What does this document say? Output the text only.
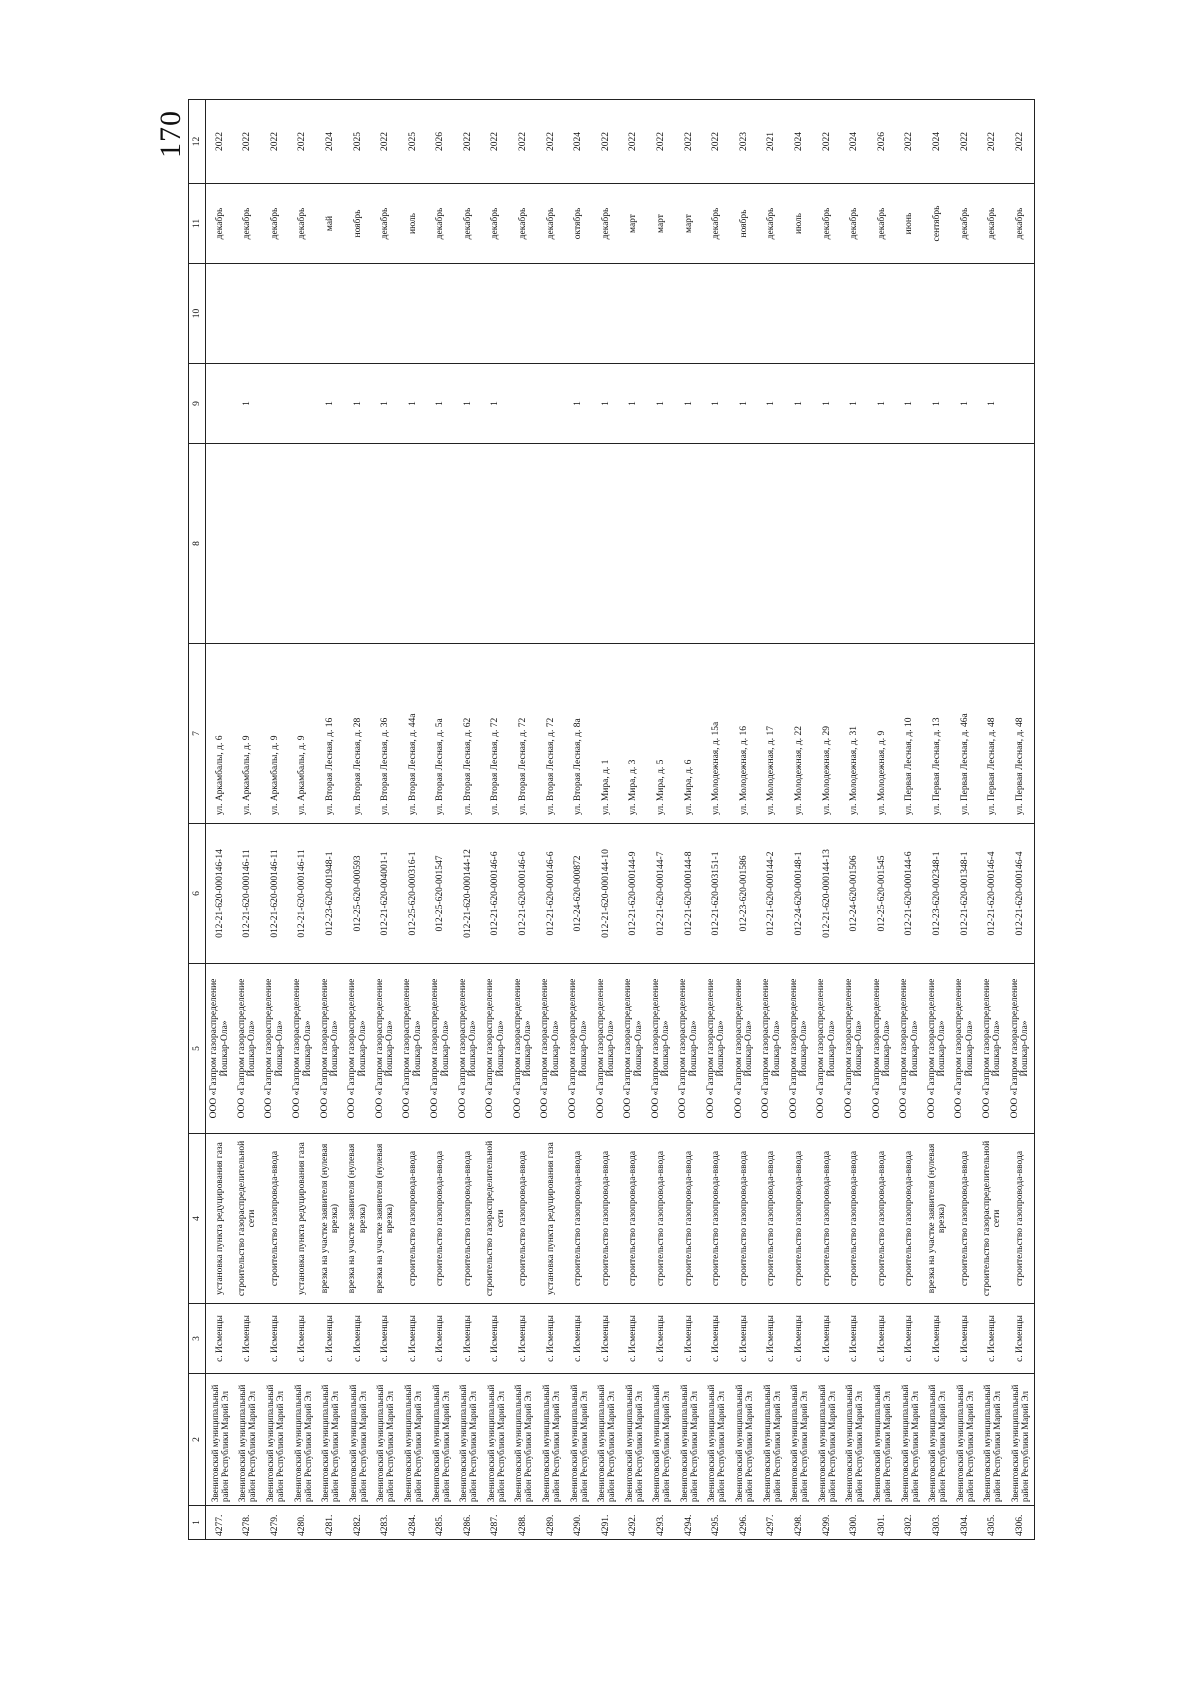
170
1	2	3	4	5	6	7	8	9	10	11	12
4277.	Звениговский муниципальный район Республики Марий Эл	с. Исменцы	установка пункта редуцирования газа	ООО «Газпром газораспределение Йошкар-Ола»	012-21-620-000146-14	ул. Аркамбалы, д. 6				декабрь	2022
4278.	Звениговский муниципальный район Республики Марий Эл	с. Исменцы	строительство газораспределительной сети	ООО «Газпром газораспределение Йошкар-Ола»	012-21-620-000146-11	ул. Аркамбалы, д. 9		1		декабрь	2022
4279.	Звениговский муниципальный район Республики Марий Эл	с. Исменцы	строительство газопровода-ввода	ООО «Газпром газораспределение Йошкар-Ола»	012-21-620-000146-11	ул. Аркамбалы, д. 9				декабрь	2022
4280.	Звениговский муниципальный район Республики Марий Эл	с. Исменцы	установка пункта редуцирования газа	ООО «Газпром газораспределение Йошкар-Ола»	012-21-620-000146-11	ул. Аркамбалы, д. 9				декабрь	2022
4281.	Звениговский муниципальный район Республики Марий Эл	с. Исменцы	врезка на участке заявителя (нулевая врезка)	ООО «Газпром газораспределение Йошкар-Ола»	012-23-620-001948-1	ул. Вторая Лесная, д. 16		1		май	2024
4282.	Звениговский муниципальный район Республики Марий Эл	с. Исменцы	врезка на участке заявителя (нулевая врезка)	ООО «Газпром газораспределение Йошкар-Ола»	012-25-620-000593	ул. Вторая Лесная, д. 28		1		ноябрь	2025
4283.	Звениговский муниципальный район Республики Марий Эл	с. Исменцы	врезка на участке заявителя (нулевая врезка)	ООО «Газпром газораспределение Йошкар-Ола»	012-21-620-004001-1	ул. Вторая Лесная, д. 36		1		декабрь	2022
4284.	Звениговский муниципальный район Республики Марий Эл	с. Исменцы	строительство газопровода-ввода	ООО «Газпром газораспределение Йошкар-Ола»	012-25-620-000316-1	ул. Вторая Лесная, д. 44а		1		июль	2025
4285.	Звениговский муниципальный район Республики Марий Эл	с. Исменцы	строительство газопровода-ввода	ООО «Газпром газораспределение Йошкар-Ола»	012-25-620-001547	ул. Вторая Лесная, д. 5а		1		декабрь	2026
4286.	Звениговский муниципальный район Республики Марий Эл	с. Исменцы	строительство газопровода-ввода	ООО «Газпром газораспределение Йошкар-Ола»	012-21-620-000144-12	ул. Вторая Лесная, д. 62		1		декабрь	2022
4287.	Звениговский муниципальный район Республики Марий Эл	с. Исменцы	строительство газораспределительной сети	ООО «Газпром газораспределение Йошкар-Ола»	012-21-620-000146-6	ул. Вторая Лесная, д. 72		1		декабрь	2022
4288.	Звениговский муниципальный район Республики Марий Эл	с. Исменцы	строительство газопровода-ввода	ООО «Газпром газораспределение Йошкар-Ола»	012-21-620-000146-6	ул. Вторая Лесная, д. 72				декабрь	2022
4289.	Звениговский муниципальный район Республики Марий Эл	с. Исменцы	установка пункта редуцирования газа	ООО «Газпром газораспределение Йошкар-Ола»	012-21-620-000146-6	ул. Вторая Лесная, д. 72				декабрь	2022
4290.	Звениговский муниципальный район Республики Марий Эл	с. Исменцы	строительство газопровода-ввода	ООО «Газпром газораспределение Йошкар-Ола»	012-24-620-000872	ул. Вторая Лесная, д. 8а		1		октябрь	2024
4291.	Звениговский муниципальный район Республики Марий Эл	с. Исменцы	строительство газопровода-ввода	ООО «Газпром газораспределение Йошкар-Ола»	012-21-620-000144-10	ул. Мира, д. 1		1		декабрь	2022
4292.	Звениговский муниципальный район Республики Марий Эл	с. Исменцы	строительство газопровода-ввода	ООО «Газпром газораспределение Йошкар-Ола»	012-21-620-000144-9	ул. Мира, д. 3		1		март	2022
4293.	Звениговский муниципальный район Республики Марий Эл	с. Исменцы	строительство газопровода-ввода	ООО «Газпром газораспределение Йошкар-Ола»	012-21-620-000144-7	ул. Мира, д. 5		1		март	2022
4294.	Звениговский муниципальный район Республики Марий Эл	с. Исменцы	строительство газопровода-ввода	ООО «Газпром газораспределение Йошкар-Ола»	012-21-620-000144-8	ул. Мира, д. 6		1		март	2022
4295.	Звениговский муниципальный район Республики Марий Эл	с. Исменцы	строительство газопровода-ввода	ООО «Газпром газораспределение Йошкар-Ола»	012-21-620-003151-1	ул. Молодежная, д. 15а		1		декабрь	2022
4296.	Звениговский муниципальный район Республики Марий Эл	с. Исменцы	строительство газопровода-ввода	ООО «Газпром газораспределение Йошкар-Ола»	012-23-620-001586	ул. Молодежная, д. 16		1		ноябрь	2023
4297.	Звениговский муниципальный район Республики Марий Эл	с. Исменцы	строительство газопровода-ввода	ООО «Газпром газораспределение Йошкар-Ола»	012-21-620-000144-2	ул. Молодежная, д. 17		1		декабрь	2021
4298.	Звениговский муниципальный район Республики Марий Эл	с. Исменцы	строительство газопровода-ввода	ООО «Газпром газораспределение Йошкар-Ола»	012-24-620-000148-1	ул. Молодежная, д. 22		1		июль	2024
4299.	Звениговский муниципальный район Республики Марий Эл	с. Исменцы	строительство газопровода-ввода	ООО «Газпром газораспределение Йошкар-Ола»	012-21-620-000144-13	ул. Молодежная, д. 29		1		декабрь	2022
4300.	Звениговский муниципальный район Республики Марий Эл	с. Исменцы	строительство газопровода-ввода	ООО «Газпром газораспределение Йошкар-Ола»	012-24-620-001506	ул. Молодежная, д. 31		1		декабрь	2024
4301.	Звениговский муниципальный район Республики Марий Эл	с. Исменцы	строительство газопровода-ввода	ООО «Газпром газораспределение Йошкар-Ола»	012-25-620-001545	ул. Молодежная, д. 9		1		декабрь	2026
4302.	Звениговский муниципальный район Республики Марий Эл	с. Исменцы	строительство газопровода-ввода	ООО «Газпром газораспределение Йошкар-Ола»	012-21-620-000144-6	ул. Первая Лесная, д. 10		1		июнь	2022
4303.	Звениговский муниципальный район Республики Марий Эл	с. Исменцы	врезка на участке заявителя (нулевая врезка)	ООО «Газпром газораспределение Йошкар-Ола»	012-23-620-002348-1	ул. Первая Лесная, д. 13		1		сентябрь	2024
4304.	Звениговский муниципальный район Республики Марий Эл	с. Исменцы	строительство газопровода-ввода	ООО «Газпром газораспределение Йошкар-Ола»	012-21-620-001348-1	ул. Первая Лесная, д. 46а		1		декабрь	2022
4305.	Звениговский муниципальный район Республики Марий Эл	с. Исменцы	строительство газораспределительной сети	ООО «Газпром газораспределение Йошкар-Ола»	012-21-620-000146-4	ул. Первая Лесная, д. 48		1		декабрь	2022
4306.	Звениговский муниципальный район Республики Марий Эл	с. Исменцы	строительство газопровода-ввода	ООО «Газпром газораспределение Йошкар-Ола»	012-21-620-000146-4	ул. Первая Лесная, д. 48				декабрь	2022
